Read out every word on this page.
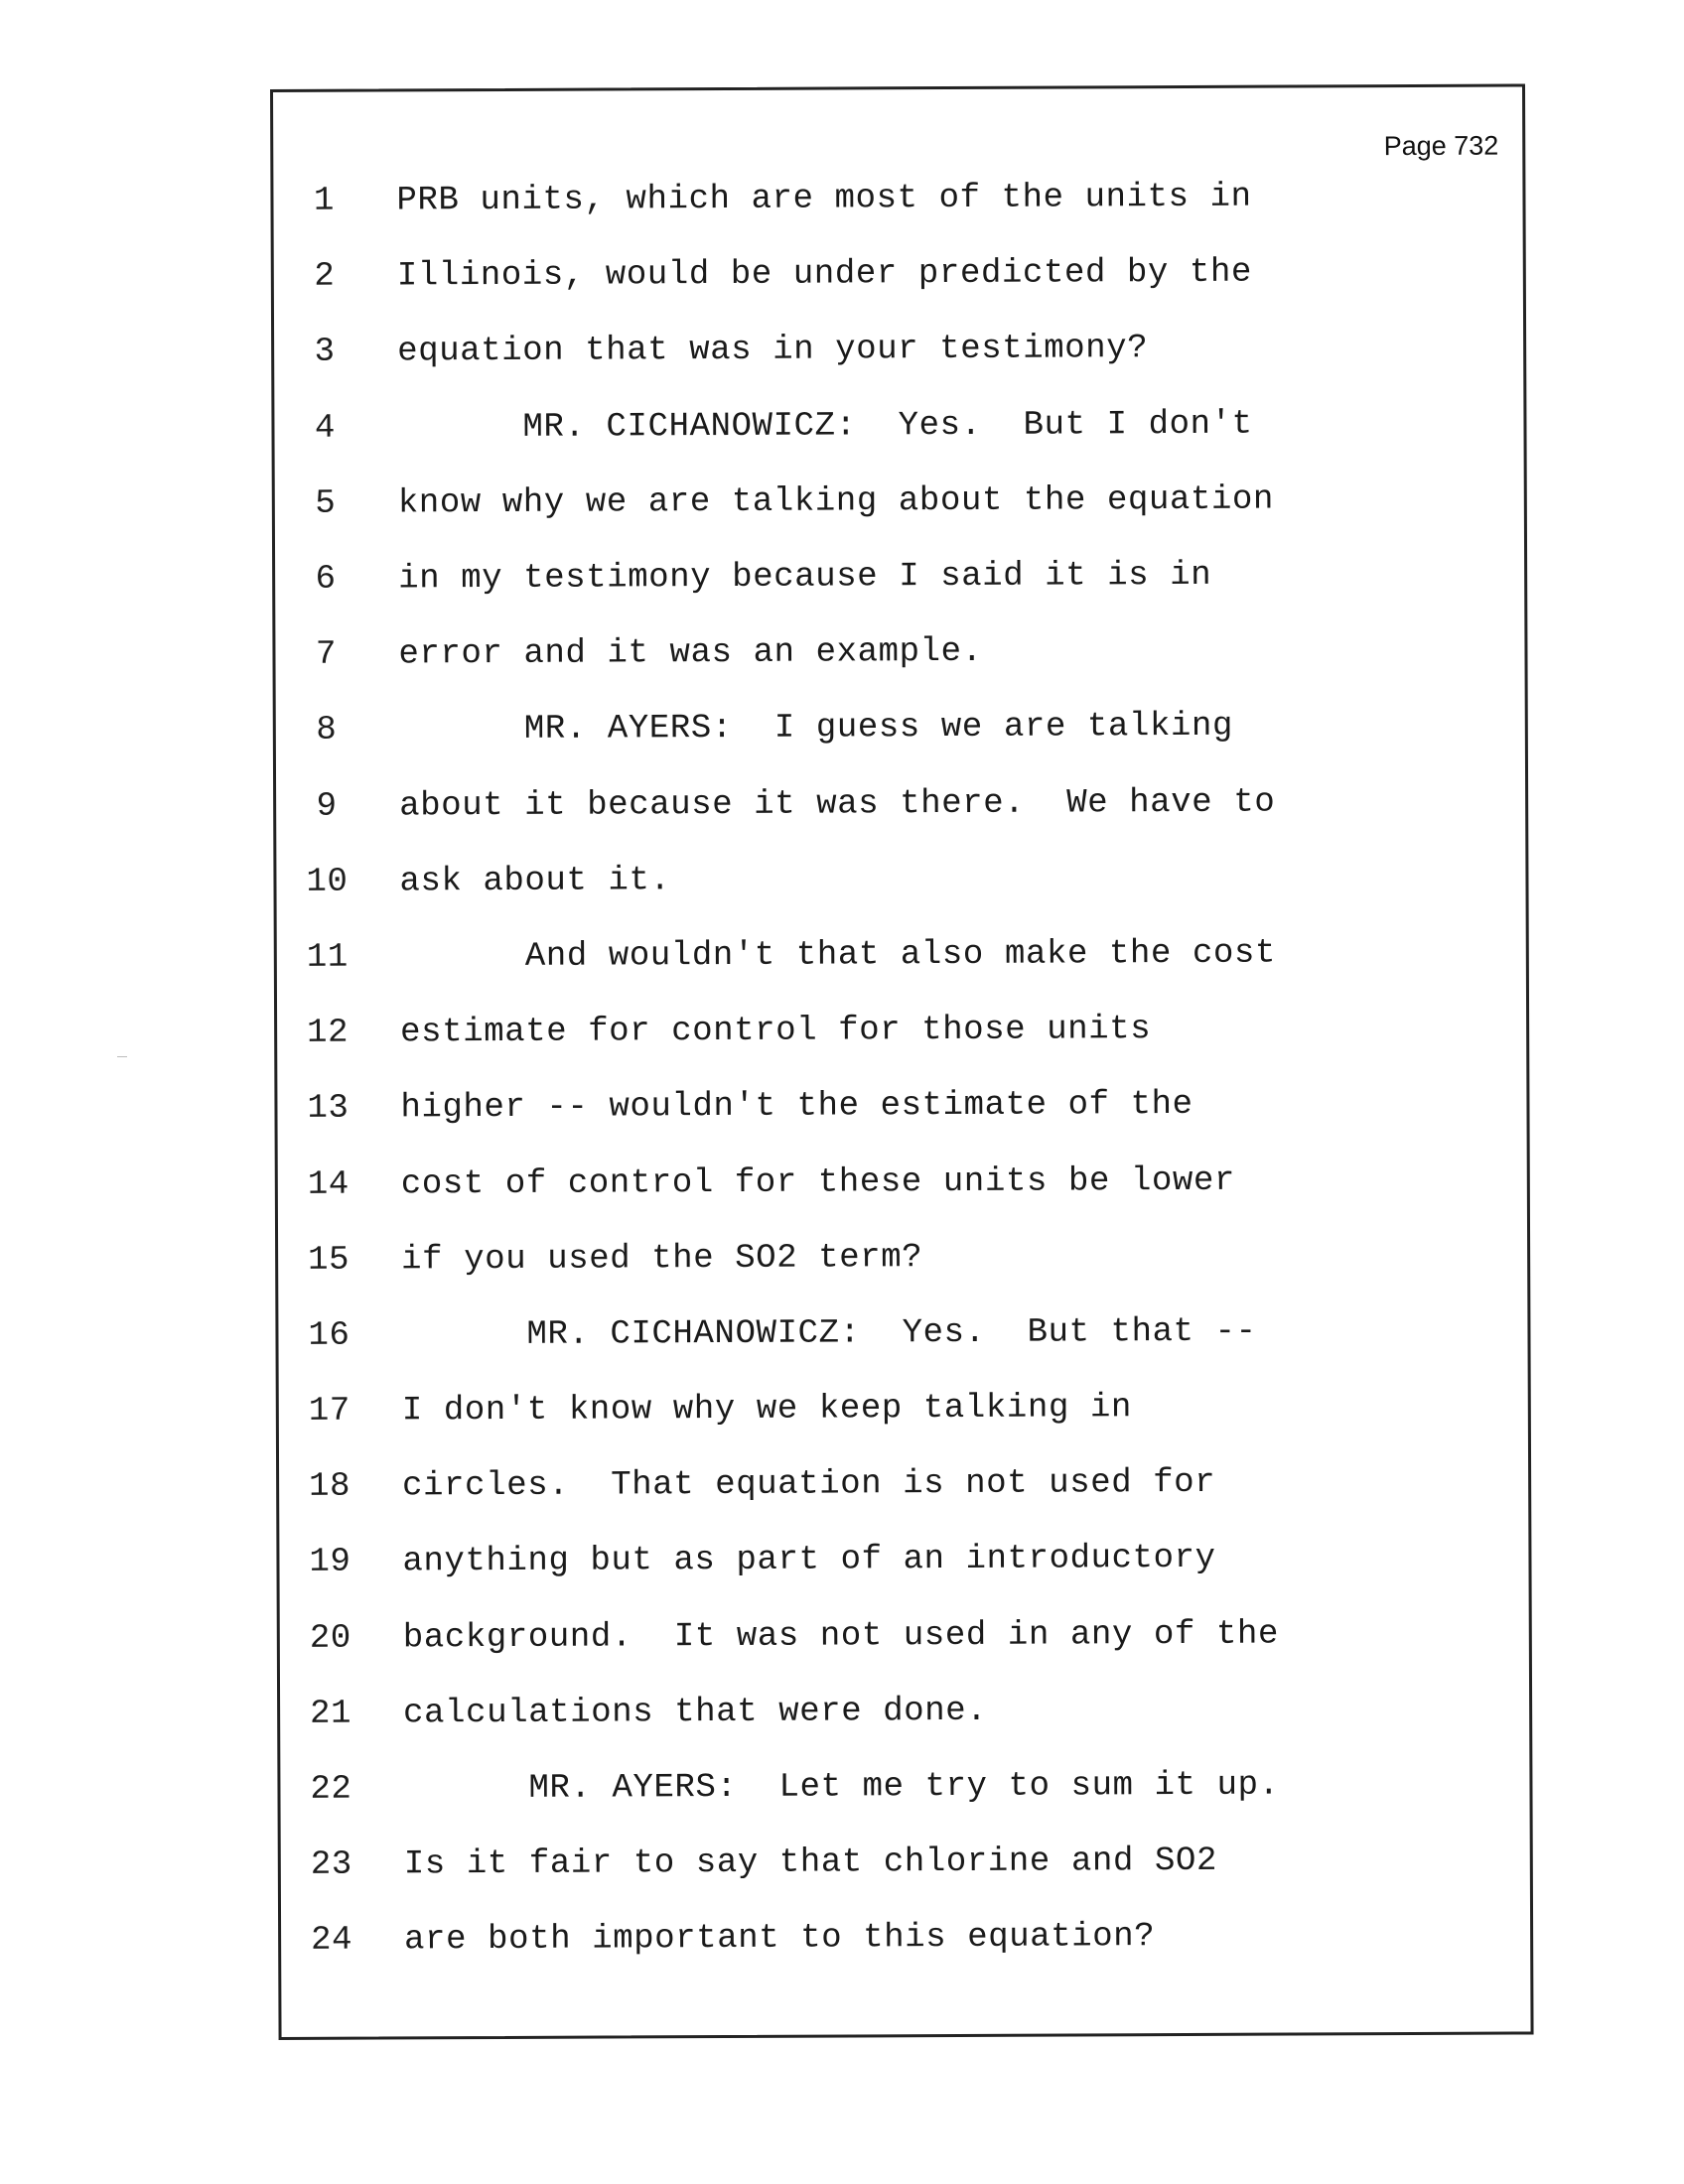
Page 732
1	PRB units, which are most of the units in
2	Illinois, would be under predicted by the
3	equation that was in your testimony?
4	MR. CICHANOWICZ:  Yes.  But I don't
5	know why we are talking about the equation
6	in my testimony because I said it is in
7	error and it was an example.
8	MR. AYERS:  I guess we are talking
9	about it because it was there.  We have to
10	ask about it.
11	And wouldn't that also make the cost
12	estimate for control for those units
13	higher -- wouldn't the estimate of the
14	cost of control for these units be lower
15	if you used the SO2 term?
16	MR. CICHANOWICZ:  Yes.  But that --
17	I don't know why we keep talking in
18	circles.  That equation is not used for
19	anything but as part of an introductory
20	background.  It was not used in any of the
21	calculations that were done.
22	MR. AYERS:  Let me try to sum it up.
23	Is it fair to say that chlorine and SO2
24	are both important to this equation?
